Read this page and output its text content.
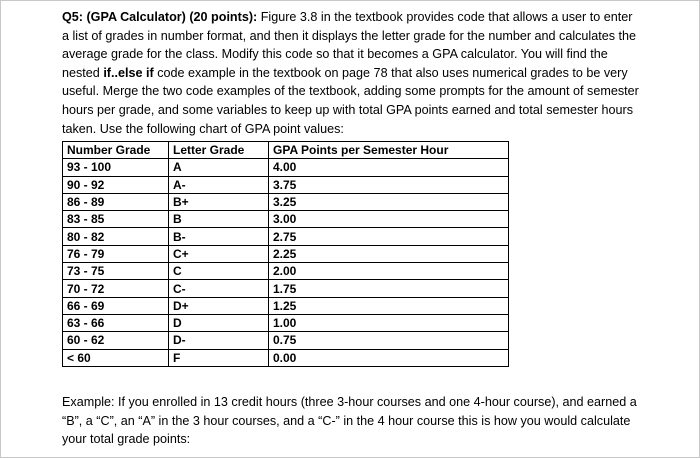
Q5: (GPA Calculator) (20 points): Figure 3.8 in the textbook provides code that allows a user to enter a list of grades in number format, and then it displays the letter grade for the number and calculates the average grade for the class. Modify this code so that it becomes a GPA calculator. You will find the nested if..else if code example in the textbook on page 78 that also uses numerical grades to be very useful. Merge the two code examples of the textbook, adding some prompts for the amount of semester hours per grade, and some variables to keep up with total GPA points earned and total semester hours taken. Use the following chart of GPA point values:

Number Grade	Letter Grade	GPA Points per Semester Hour
93 - 100	A	4.00
90 - 92	A-	3.75
86 - 89	B+	3.25
83 - 85	B	3.00
80 - 82	B-	2.75
76 - 79	C+	2.25
73 - 75	C	2.00
70 - 72	C-	1.75
66 - 69	D+	1.25
63 - 66	D	1.00
60 - 62	D-	0.75
< 60	F	0.00

Example: If you enrolled in 13 credit hours (three 3-hour courses and one 4-hour course), and earned a “B”, a “C”, an “A” in the 3 hour courses, and a “C-” in the 4 hour course this is how you would calculate your total grade points:
